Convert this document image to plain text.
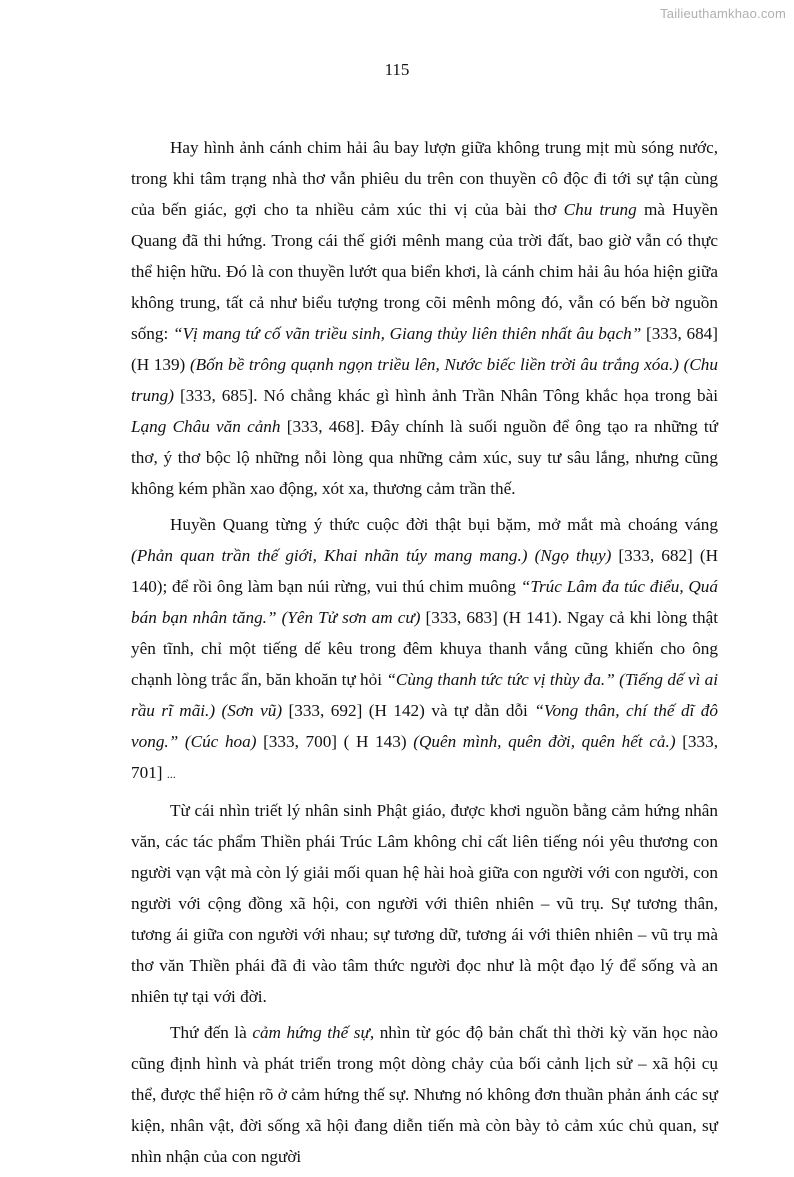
Tailieuthamkhao.com
115

Hay hình ảnh cánh chim hải âu bay lượn giữa không trung mịt mù sóng nước, trong khi tâm trạng nhà thơ vẫn phiêu du trên con thuyền cô độc đi tới sự tận cùng của bến giác, gợi cho ta nhiều cảm xúc thi vị của bài thơ Chu trung mà Huyền Quang đã thi hứng. Trong cái thế giới mênh mang của trời đất, bao giờ vẫn có thực thể hiện hữu. Đó là con thuyền lướt qua biển khơi, là cánh chim hải âu hóa hiện giữa không trung, tất cả như biểu tượng trong cõi mênh mông đó, vẫn có bến bờ nguồn sống: “Vị mang tứ cố vãn triều sinh, Giang thủy liên thiên nhất âu bạch” [333, 684] (H 139) (Bốn bề trông quạnh ngọn triều lên, Nước biếc liền trời âu trắng xóa.) (Chu trung) [333, 685]. Nó chẳng khác gì hình ảnh Trần Nhân Tông khắc họa trong bài Lạng Châu văn cảnh [333, 468]. Đây chính là suối nguồn để ông tạo ra những tứ thơ, ý thơ bộc lộ những nỗi lòng qua những cảm xúc, suy tư sâu lắng, nhưng cũng không kém phần xao động, xót xa, thương cảm trần thế.

Huyền Quang từng ý thức cuộc đời thật bụi bặm, mở mắt mà choáng váng (Phản quan trần thế giới, Khai nhãn túy mang mang.) (Ngọ thụy) [333, 682] (H 140); để rồi ông làm bạn núi rừng, vui thú chim muông “Trúc Lâm đa túc điểu, Quá bán bạn nhân tăng.” (Yên Tử sơn am cư) [333, 683] (H 141). Ngay cả khi lòng thật yên tĩnh, chỉ một tiếng dế kêu trong đêm khuya thanh vắng cũng khiến cho ông chạnh lòng trắc ẩn, băn khoăn tự hỏi “Cùng thanh tức tức vị thùy đa.” (Tiếng dế vì ai rầu rĩ mãi.) (Sơn vũ) [333, 692] (H 142) và tự dằn dỗi “Vong thân, chí thế dĩ đô vong.” (Cúc hoa) [333, 700] ( H 143) (Quên mình, quên đời, quên hết cả.) [333, 701] ...

Từ cái nhìn triết lý nhân sinh Phật giáo, được khơi nguồn bằng cảm hứng nhân văn, các tác phẩm Thiền phái Trúc Lâm không chỉ cất liên tiếng nói yêu thương con người vạn vật mà còn lý giải mối quan hệ hài hoà giữa con người với con người, con người với cộng đồng xã hội, con người với thiên nhiên – vũ trụ. Sự tương thân, tương ái giữa con người với nhau; sự tương dữ, tương ái với thiên nhiên – vũ trụ mà thơ văn Thiền phái đã đi vào tâm thức người đọc như là một đạo lý để sống và an nhiên tự tại với đời.

Thứ đến là cảm hứng thế sự, nhìn từ góc độ bản chất thì thời kỳ văn học nào cũng định hình và phát triển trong một dòng chảy của bối cảnh lịch sử – xã hội cụ thể, được thể hiện rõ ở cảm hứng thế sự. Nhưng nó không đơn thuần phản ánh các sự kiện, nhân vật, đời sống xã hội đang diễn tiến mà còn bày tỏ cảm xúc chủ quan, sự nhìn nhận của con người
